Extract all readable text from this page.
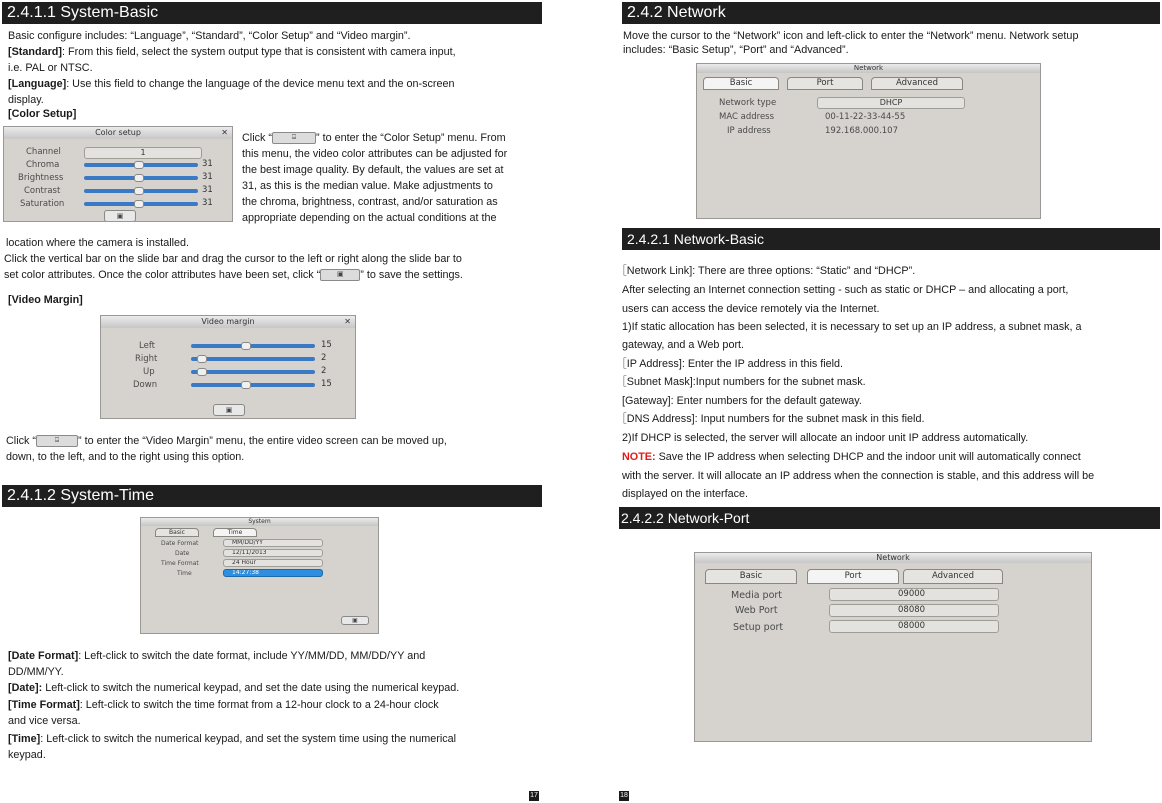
2.4.1.1 System-Basic
Basic configure includes: “Language”, “Standard”, “Color Setup” and “Video margin”.
[Standard]: From this field, select the system output type that is consistent with camera input,
i.e. PAL or NTSC.
[Language]: Use this field to change the language of the device menu text and the on-screen
display.
[Color Setup]
Color setup	✕
Channel	1
Chroma	31
Brightness	31
Contrast	31
Saturation	31
▣
Click “	⍈ ” to enter the “Color Setup” menu. From
this menu, the video color attributes can be adjusted for
the best image quality. By default, the values are set at
31, as this is the median value. Make adjustments to
the chroma, brightness, contrast, and/or saturation as
appropriate depending on the actual conditions at the
location where the camera is installed.
Click the vertical bar on the slide bar and drag the cursor to the left or right along the slide bar to
set color attributes. Once the color attributes have been set, click “ ▣ ” to save the settings.
[Video Margin]
Video margin	✕
Left	15
Right	2
Up	2
Down	15
▣
Click “	⍈ ” to enter the “Video Margin” menu, the entire video screen can be moved up,
down, to the left, and to the right using this option.
2.4.1.2 System-Time
System
Basic	Time
Date Format	MM/DD/YY
Date	12/11/2013
Time Format	24 Hour
Time	14:27:38
▣
[Date Format]: Left-click to switch the date format, include YY/MM/DD, MM/DD/YY and
DD/MM/YY.
[Date]: Left-click to switch the numerical keypad, and set the date using the numerical keypad.
[Time Format]: Left-click to switch the time format from a 12-hour clock to a 24-hour clock
and vice versa.
[Time]: Left-click to switch the numerical keypad, and set the system time using the numerical
keypad.
17
2.4.2 Network
Move the cursor to the “Network” icon and left-click to enter the “Network” menu. Network setup
includes: “Basic Setup”, “Port” and “Advanced”.
Network
Basic	Port	Advanced
Network type	DHCP
MAC address	00-11-22-33-44-55
IP address	192.168.000.107
2.4.2.1 Network-Basic
［Network Link]: There are three options: “Static” and “DHCP”.
After selecting an Internet connection setting - such as static or DHCP – and allocating a port,
users can access the device remotely via the Internet.
1)If static allocation has been selected, it is necessary to set up an IP address, a subnet mask, a
gateway, and a Web port.
［IP Address]: Enter the IP address in this field.
［Subnet Mask]:Input numbers for the subnet mask.
[Gateway]: Enter numbers for the default gateway.
［DNS Address]: Input numbers for the subnet mask in this field.
2)If DHCP is selected, the server will allocate an indoor unit IP address automatically.
NOTE: Save the IP address when selecting DHCP and the indoor unit will automatically connect
with the server. It will allocate an IP address when the connection is stable, and this address will be
displayed on the interface.
2.4.2.2 Network-Port
Network
Basic	Port	Advanced
Media port	09000
Web Port	08080
Setup port	08000
18
